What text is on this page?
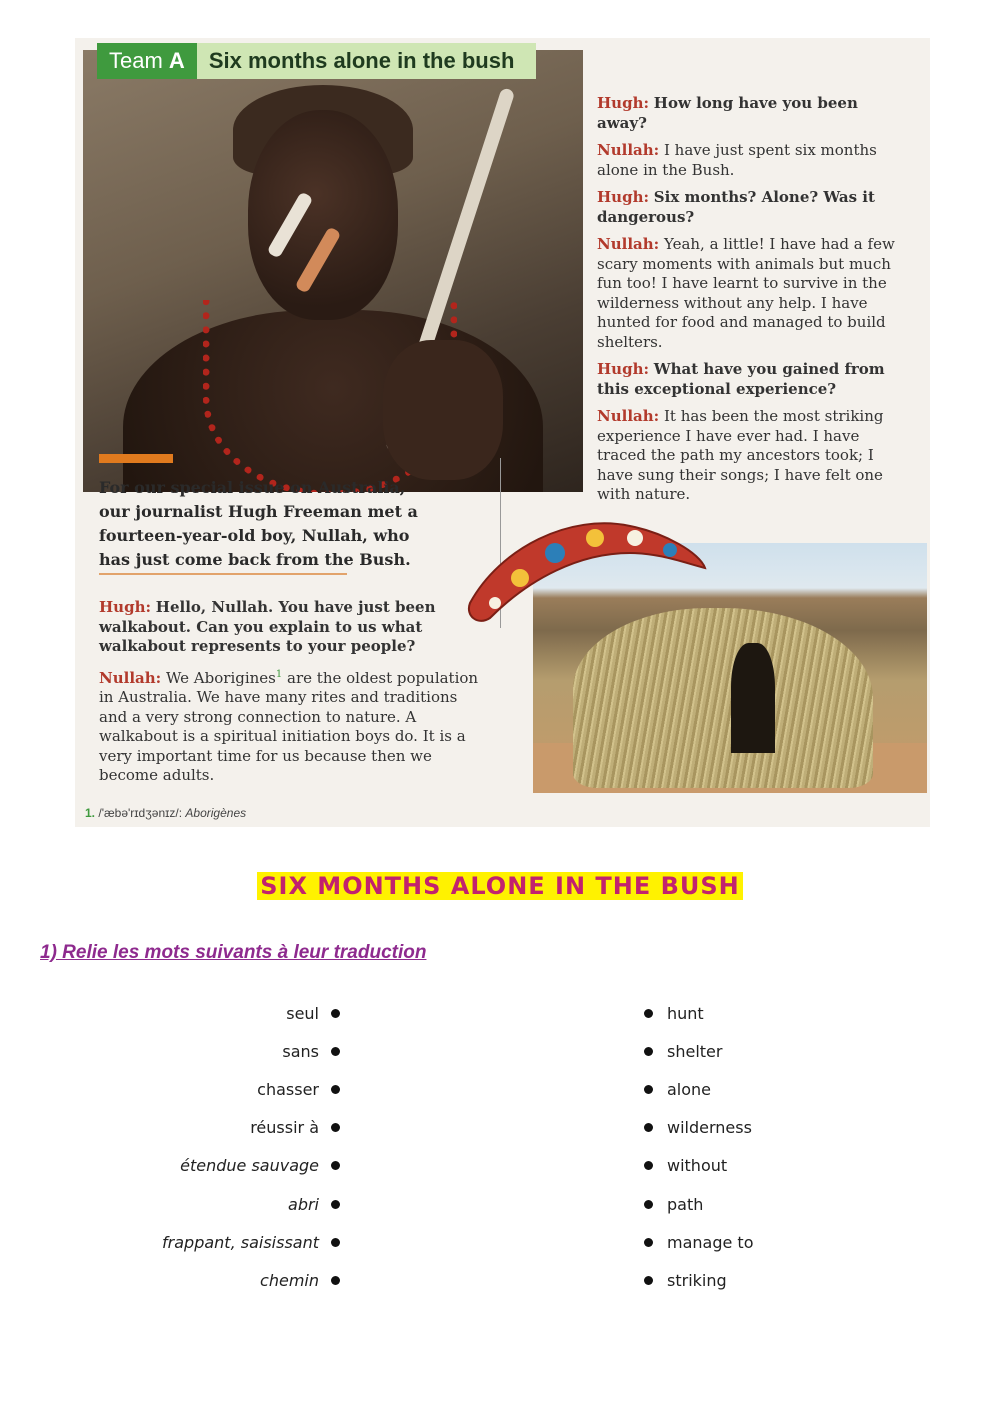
Team A	Six months alone in the bush

Hugh: How long have you been away?

Nullah: I have just spent six months alone in the Bush.

Hugh: Six months? Alone? Was it dangerous?

Nullah: Yeah, a little! I have had a few scary moments with animals but much fun too! I have learnt to survive in the wilderness without any help. I have hunted for food and managed to build shelters.

Hugh: What have you gained from this exceptional experience?

Nullah: It has been the most striking experience I have ever had. I have traced the path my ancestors took; I have sung their songs; I have felt one with nature.

For our special issue on Australia, our journalist Hugh Freeman met a fourteen-year-old boy, Nullah, who has just come back from the Bush.

Hugh: Hello, Nullah. You have just been walkabout. Can you explain to us what walkabout represents to your people?

Nullah: We Aborigines$^1$ are the oldest population in Australia. We have many rites and traditions and a very strong connection to nature. A walkabout is a spiritual initiation boys do. It is a very important time for us because then we become adults.

1. /'æbə'rɪdʒənɪz/: Aborigènes
SIX MONTHS ALONE IN THE BUSH
1) Relie les mots suivants à leur traduction
seul
sans
chasser
réussir à
étendue sauvage
abri
frappant, saisissant
chemin
hunt
shelter
alone
wilderness
without
path
manage to
striking
